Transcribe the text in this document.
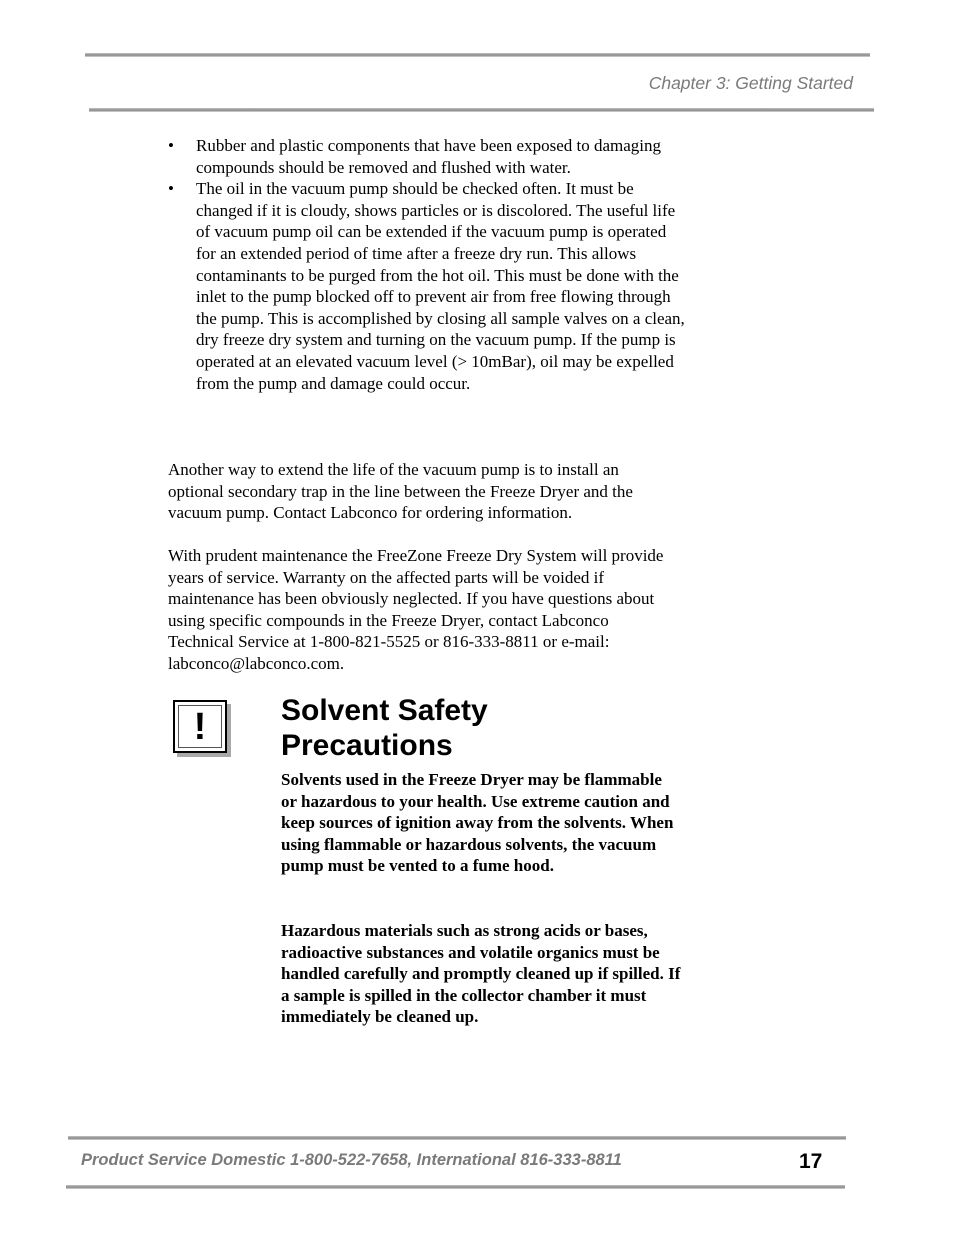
Chapter 3: Getting Started
• Rubber and plastic components that have been exposed to damaging compounds should be removed and flushed with water.
• The oil in the vacuum pump should be checked often. It must be changed if it is cloudy, shows particles or is discolored. The useful life of vacuum pump oil can be extended if the vacuum pump is operated for an extended period of time after a freeze dry run. This allows contaminants to be purged from the hot oil. This must be done with the inlet to the pump blocked off to prevent air from free flowing through the pump. This is accomplished by closing all sample valves on a clean, dry freeze dry system and turning on the vacuum pump. If the pump is operated at an elevated vacuum level (> 10mBar), oil may be expelled from the pump and damage could occur.

Another way to extend the life of the vacuum pump is to install an optional secondary trap in the line between the Freeze Dryer and the vacuum pump. Contact Labconco for ordering information.

With prudent maintenance the FreeZone Freeze Dry System will provide years of service. Warranty on the affected parts will be voided if maintenance has been obviously neglected. If you have questions about using specific compounds in the Freeze Dryer, contact Labconco Technical Service at 1-800-821-5525 or 816-333-8811 or e-mail: labconco@labconco.com.

! Solvent Safety Precautions

Solvents used in the Freeze Dryer may be flammable or hazardous to your health. Use extreme caution and keep sources of ignition away from the solvents. When using flammable or hazardous solvents, the vacuum pump must be vented to a fume hood.

Hazardous materials such as strong acids or bases, radioactive substances and volatile organics must be handled carefully and promptly cleaned up if spilled. If a sample is spilled in the collector chamber it must immediately be cleaned up.

Product Service Domestic 1-800-522-7658, International 816-333-8811	17
